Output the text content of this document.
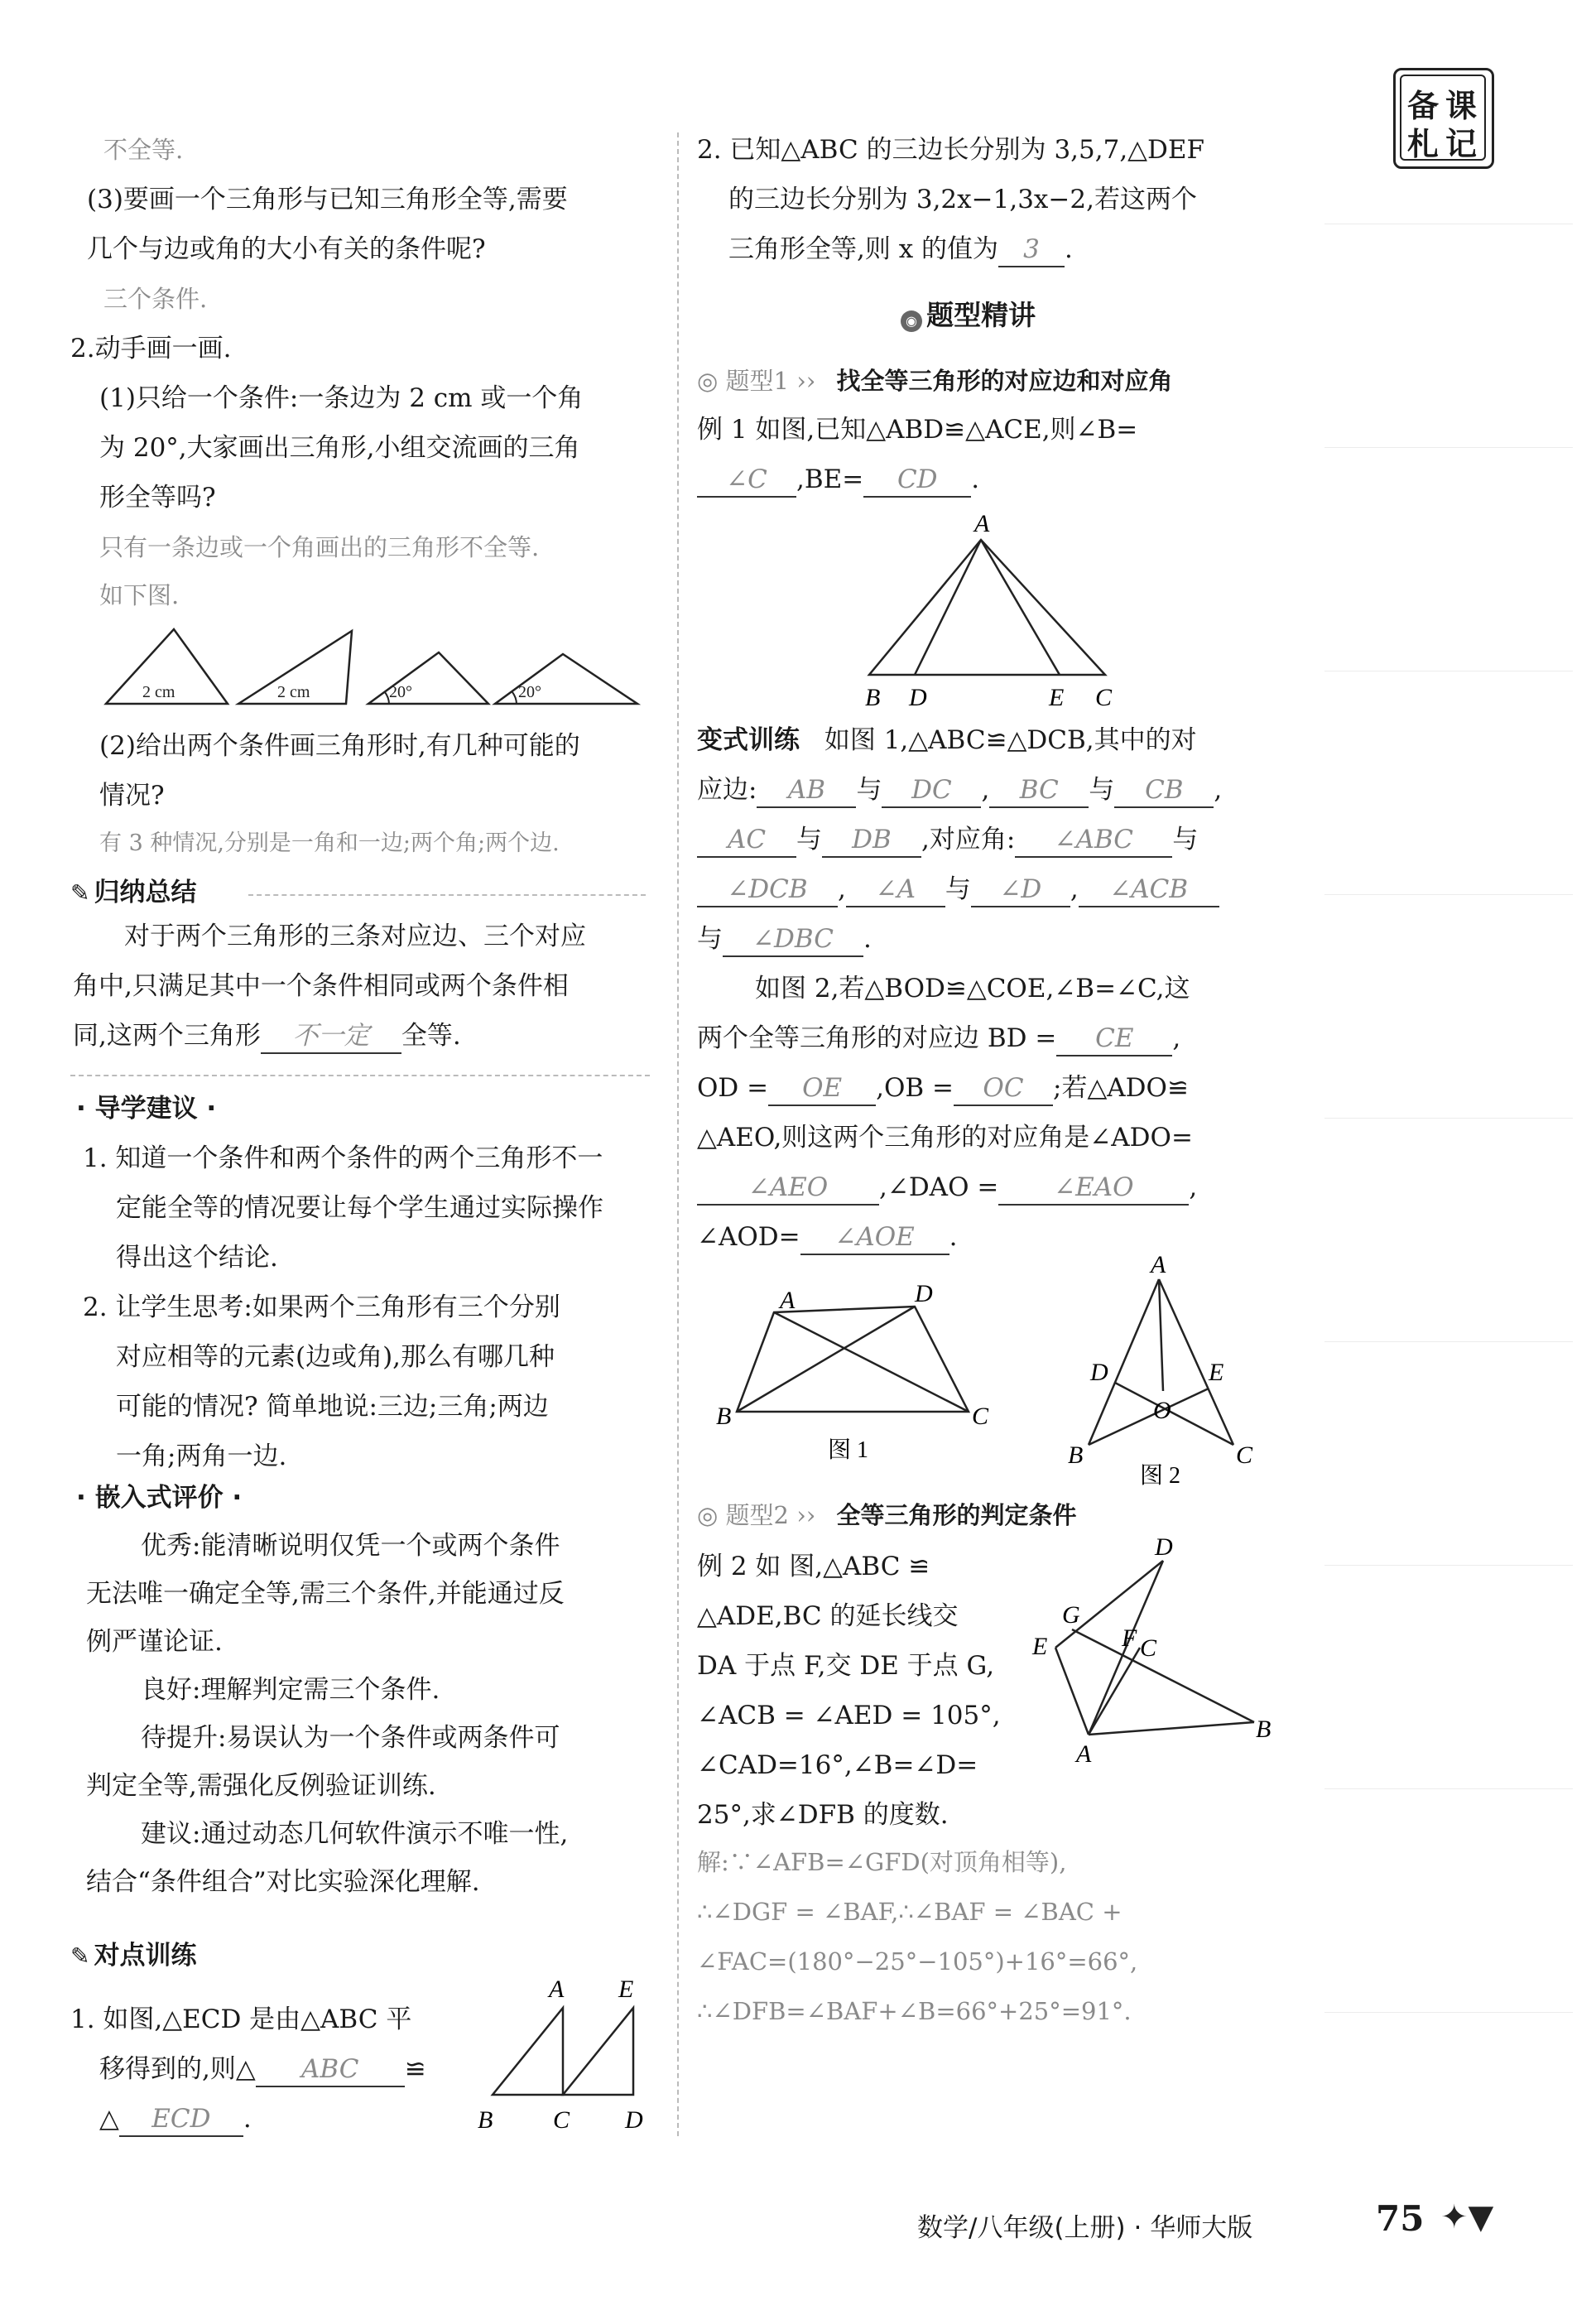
备 课
札 记
不全等.
(3)要画一个三角形与已知三角形全等,需要
几个与边或角的大小有关的条件呢?
三个条件.
2.动手画一画.
(1)只给一个条件:一条边为 2 cm 或一个角
为 20°,大家画出三角形,小组交流画的三角
形全等吗?
只有一条边或一个角画出的三角形不全等.
如下图.
2 cm	2 cm	20°	20°
(2)给出两个条件画三角形时,有几种可能的
情况?
有 3 种情况,分别是一角和一边;两个角;两个边.
✎ 归纳总结
对于两个三角形的三条对应边、三个对应
角中,只满足其中一个条件相同或两个条件相
同,这两个三角形 不一定 全等.
· 导学建议 ·
1. 知道一个条件和两个条件的两个三角形不一
定能全等的情况要让每个学生通过实际操作
得出这个结论.
2. 让学生思考:如果两个三角形有三个分别
对应相等的元素(边或角),那么有哪几种
可能的情况? 简单地说:三边;三角;两边
一角;两角一边.
· 嵌入式评价 ·
优秀:能清晰说明仅凭一个或两个条件
无法唯一确定全等,需三个条件,并能通过反
例严谨论证.
良好:理解判定需三个条件.
待提升:易误认为一个条件或两条件可
判定全等,需强化反例验证训练.
建议:通过动态几何软件演示不唯一性,
结合“条件组合”对比实验深化理解.
✎ 对点训练
1. 如图,△ECD 是由△ABC 平
移得到的,则△ ABC ≌
△ ECD .
A E
B C D
2. 已知△ABC 的三边长分别为 3,5,7,△DEF
的三边长分别为 3,2x−1,3x−2,若这两个
三角形全等,则 x 的值为 3 .
◉ 题型精讲
◎ 题型1 ›› 找全等三角形的对应边和对应角
例 1 如图,已知△ABD≌△ACE,则∠B=
∠C ,BE= CD .
A
B D	E C
变式训练 如图 1,△ABC≌△DCB,其中的对
应边: AB 与 DC , BC 与 CB ,
AC 与 DB ,对应角: ∠ABC 与
∠DCB , ∠A 与 ∠D , ∠ACB
与 ∠DBC .
如图 2,若△BOD≌△COE,∠B=∠C,这
两个全等三角形的对应边 BD = CE ,
OD = OE ,OB = OC ;若△ADO≌
△AEO,则这两个三角形的对应角是∠ADO=
∠AEO ,∠DAO = ∠EAO ,
∠AOD= ∠AOE .
A	D
B	C
图 1
A
D	E
O
B	C
图 2
◎ 题型2 ›› 全等三角形的判定条件
例 2 如 图,△ABC ≌
△ADE,BC 的延长线交
DA 于点 F,交 DE 于点 G,
∠ACB = ∠AED = 105°,
∠CAD=16°,∠B=∠D=
25°,求∠DFB 的度数.
D
G
E	F C
A
B
解:∵∠AFB=∠GFD(对顶角相等),
∴∠DGF = ∠BAF,∴∠BAF = ∠BAC +
∠FAC=(180°−25°−105°)+16°=66°,
∴∠DFB=∠BAF+∠B=66°+25°=91°.
数学/八年级(上册) · 华师大版	75 ✦▼
